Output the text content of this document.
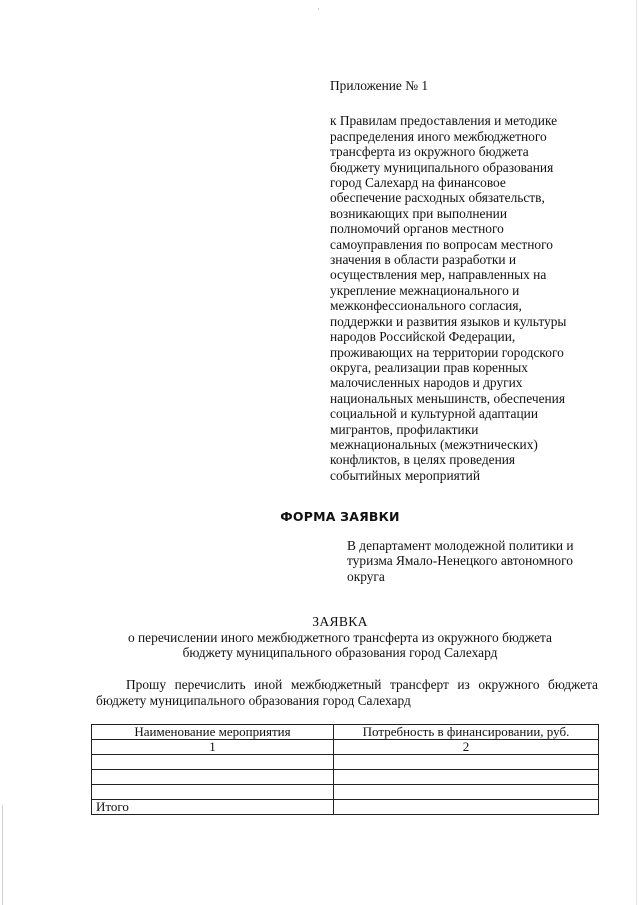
Приложение № 1

к Правилам предоставления и методике
распределения иного межбюджетного
трансферта из окружного бюджета
бюджету муниципального образования
город Салехард на финансовое
обеспечение расходных обязательств,
возникающих при выполнении
полномочий органов местного
самоуправления по вопросам местного
значения в области разработки и
осуществления мер, направленных на
укрепление межнационального и
межконфессионального согласия,
поддержки и развития языков и культуры
народов Российской Федерации,
проживающих на территории городского
округа, реализации прав коренных
малочисленных народов и других
национальных меньшинств, обеспечения
социальной и культурной адаптации
мигрантов, профилактики
межнациональных (межэтнических)
конфликтов, в целях проведения
событийных мероприятий

ФОРМА ЗАЯВКИ
В департамент молодежной политики и
туризма Ямало-Ненецкого автономного
округа
ЗАЯВКА
о перечислении иного межбюджетного трансферта из окружного бюджета
бюджету муниципального образования город Салехард
Прошу перечислить иной межбюджетный трансферт из окружного бюджета бюджету муниципального образования город Салехард
Наименование мероприятия	Потребность в финансировании, руб.
1	2

Итого	
